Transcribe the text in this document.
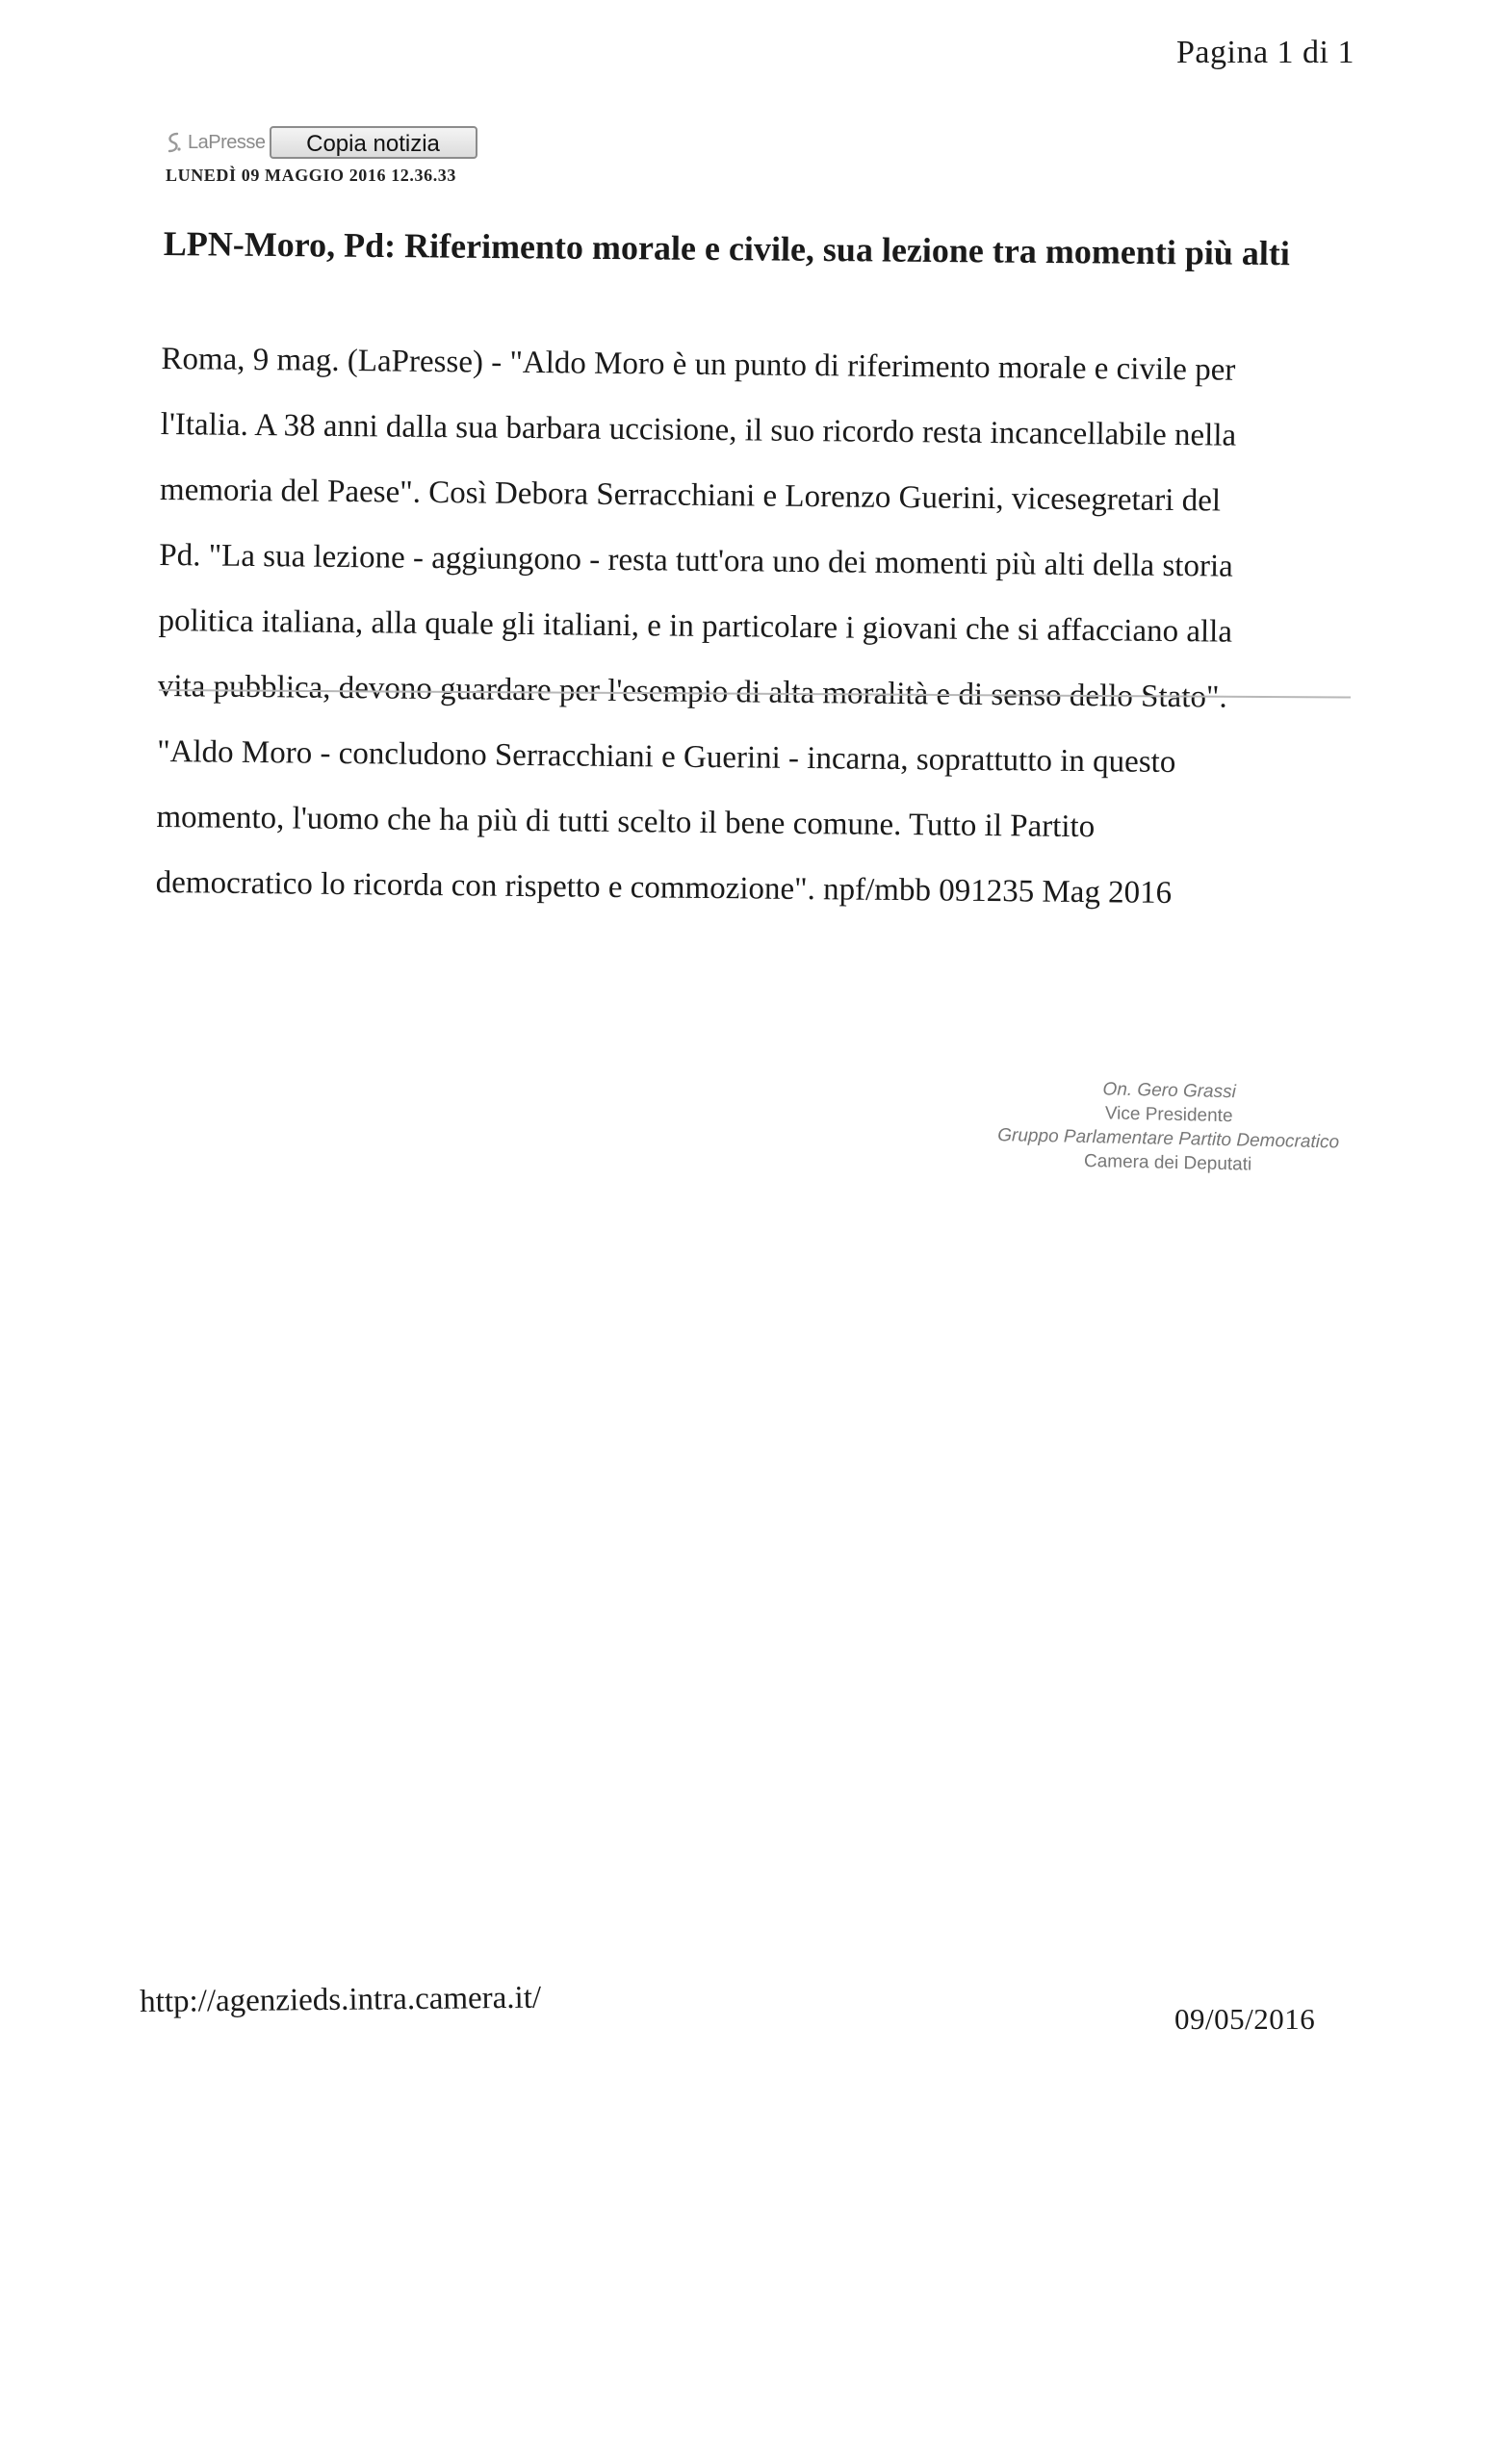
Pagina 1 di 1
LaPresse	Copia notizia
LUNEDÌ 09 MAGGIO 2016 12.36.33
LPN-Moro, Pd: Riferimento morale e civile, sua lezione tra momenti più alti

Roma, 9 mag. (LaPresse) - "Aldo Moro è un punto di riferimento morale e civile per

l'Italia. A 38 anni dalla sua barbara uccisione, il suo ricordo resta incancellabile nella

memoria del Paese". Così Debora Serracchiani e Lorenzo Guerini, vicesegretari del

Pd. "La sua lezione - aggiungono - resta tutt'ora uno dei momenti più alti della storia

politica italiana, alla quale gli italiani, e in particolare i giovani che si affacciano alla

vita pubblica, devono guardare per l'esempio di alta moralità e di senso dello Stato".

"Aldo Moro - concludono Serracchiani e Guerini - incarna, soprattutto in questo

momento, l'uomo che ha più di tutti scelto il bene comune. Tutto il Partito

democratico lo ricorda con rispetto e commozione". npf/mbb 091235 Mag 2016

On. Gero Grassi
Vice Presidente
Gruppo Parlamentare Partito Democratico
Camera dei Deputati
http://agenzieds.intra.camera.it/	09/05/2016
